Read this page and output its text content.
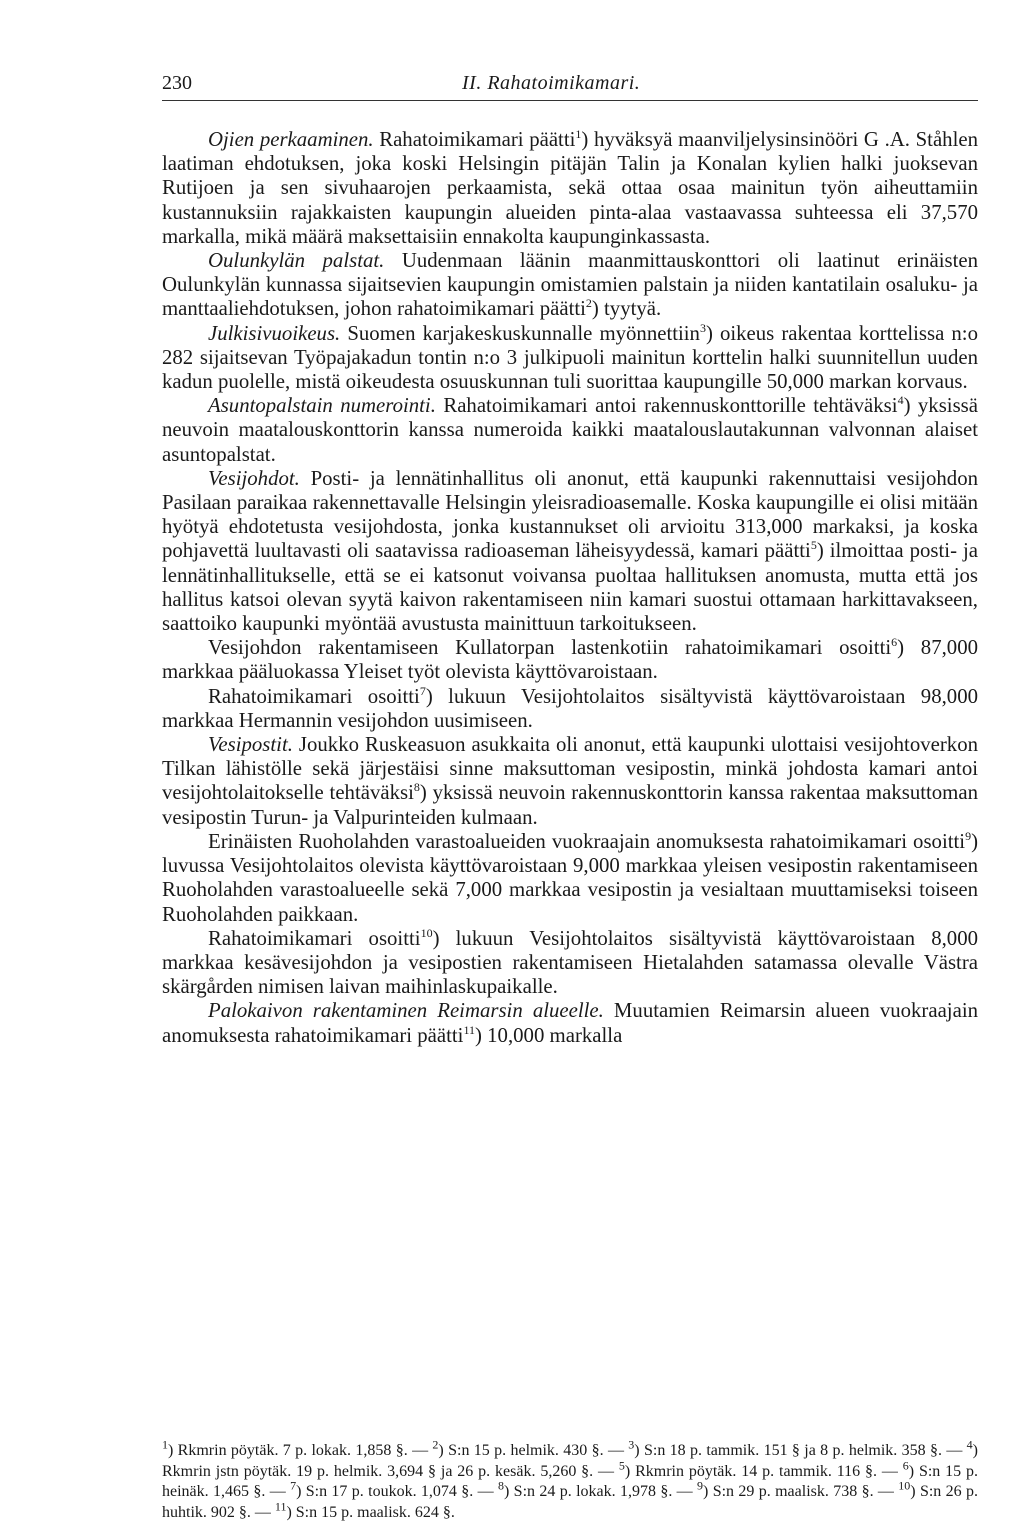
230	II. Rahatoimikamari.

Ojien perkaaminen. Rahatoimikamari päätti$^1$) hyväksyä maanviljelysinsinööri G .A. Ståhlen laatiman ehdotuksen, joka koski Helsingin pitäjän Talin ja Konalan kylien halki juoksevan Rutijoen ja sen sivuhaarojen perkaamista, sekä ottaa osaa mainitun työn aiheuttamiin kustannuksiin rajakkaisten kaupungin alueiden pinta-alaa vastaavassa suhteessa eli 37,570 markalla, mikä määrä maksettaisiin ennakolta kaupunginkassasta.

Oulunkylän palstat. Uudenmaan läänin maanmittauskonttori oli laatinut erinäisten Oulunkylän kunnassa sijaitsevien kaupungin omistamien palstain ja niiden kantatilain osaluku- ja manttaaliehdotuksen, johon rahatoimikamari päätti$^2$) tyytyä.

Julkisivuoikeus. Suomen karjakeskuskunnalle myönnettiin$^3$) oikeus rakentaa korttelissa n:o 282 sijaitsevan Työpajakadun tontin n:o 3 julkipuoli mainitun korttelin halki suunnitellun uuden kadun puolelle, mistä oikeudesta osuuskunnan tuli suorittaa kaupungille 50,000 markan korvaus.

Asuntopalstain numerointi. Rahatoimikamari antoi rakennuskonttorille tehtäväksi$^4$) yksissä neuvoin maatalouskonttorin kanssa numeroida kaikki maatalouslautakunnan valvonnan alaiset asuntopalstat.

Vesijohdot. Posti- ja lennätinhallitus oli anonut, että kaupunki rakennuttaisi vesijohdon Pasilaan paraikaa rakennettavalle Helsingin yleisradioasemalle. Koska kaupungille ei olisi mitään hyötyä ehdotetusta vesijohdosta, jonka kustannukset oli arvioitu 313,000 markaksi, ja koska pohjavettä luultavasti oli saatavissa radioaseman läheisyydessä, kamari päätti$^5$) ilmoittaa posti- ja lennätinhallitukselle, että se ei katsonut voivansa puoltaa hallituksen anomusta, mutta että jos hallitus katsoi olevan syytä kaivon rakentamiseen niin kamari suostui ottamaan harkittavakseen, saattoiko kaupunki myöntää avustusta mainittuun tarkoitukseen.

Vesijohdon rakentamiseen Kullatorpan lastenkotiin rahatoimikamari osoitti$^6$) 87,000 markkaa pääluokassa Yleiset työt olevista käyttövaroistaan.

Rahatoimikamari osoitti$^7$) lukuun Vesijohtolaitos sisältyvistä käyttövaroistaan 98,000 markkaa Hermannin vesijohdon uusimiseen.

Vesipostit. Joukko Ruskeasuon asukkaita oli anonut, että kaupunki ulottaisi vesijohtoverkon Tilkan lähistölle sekä järjestäisi sinne maksuttoman vesipostin, minkä johdosta kamari antoi vesijohtolaitokselle tehtäväksi$^8$) yksissä neuvoin rakennuskonttorin kanssa rakentaa maksuttoman vesipostin Turun- ja Valpurinteiden kulmaan.

Erinäisten Ruoholahden varastoalueiden vuokraajain anomuksesta rahatoimikamari osoitti$^9$) luvussa Vesijohtolaitos olevista käyttövaroistaan 9,000 markkaa yleisen vesipostin rakentamiseen Ruoholahden varastoalueelle sekä 7,000 markkaa vesipostin ja vesialtaan muuttamiseksi toiseen Ruoholahden paikkaan.

Rahatoimikamari osoitti$^{10}$) lukuun Vesijohtolaitos sisältyvistä käyttövaroistaan 8,000 markkaa kesävesijohdon ja vesipostien rakentamiseen Hietalahden satamassa olevalle Västra skärgården nimisen laivan maihinlaskupaikalle.

Palokaivon rakentaminen Reimarsin alueelle. Muutamien Reimarsin alueen vuokraajain anomuksesta rahatoimikamari päätti$^{11}$) 10,000 markalla

$^1$) Rkmrin pöytäk. 7 p. lokak. 1,858 §. — $^2$) S:n 15 p. helmik. 430 §. — $^3$) S:n 18 p. tammik. 151 § ja 8 p. helmik. 358 §. — $^4$) Rkmrin jstn pöytäk. 19 p. helmik. 3,694 § ja 26 p. kesäk. 5,260 §. — $^5$) Rkmrin pöytäk. 14 p. tammik. 116 §. — $^6$) S:n 15 p. heinäk. 1,465 §. — $^7$) S:n 17 p. toukok. 1,074 §. — $^8$) S:n 24 p. lokak. 1,978 §. — $^9$) S:n 29 p. maalisk. 738 §. — $^{10}$) S:n 26 p. huhtik. 902 §. — $^{11}$) S:n 15 p. maalisk. 624 §.
